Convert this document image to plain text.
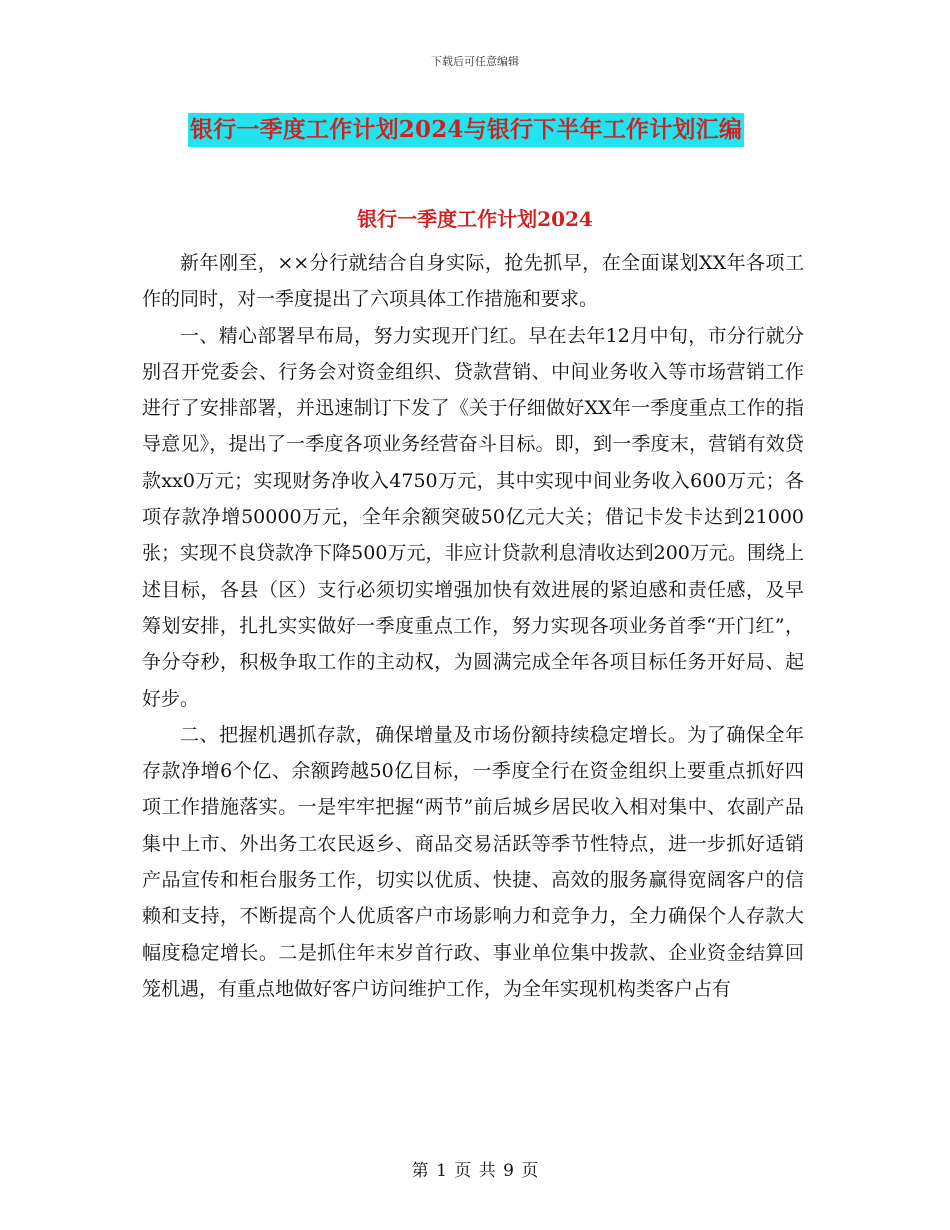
下载后可任意编辑
银行一季度工作计划2024与银行下半年工作计划汇编
银行一季度工作计划2024

新年刚至，××分行就结合自身实际，抢先抓早，在全面谋划XX年各项工作的同时，对一季度提出了六项具体工作措施和要求。

一、精心部署早布局，努力实现开门红。早在去年12月中旬，市分行就分别召开党委会、行务会对资金组织、贷款营销、中间业务收入等市场营销工作进行了安排部署，并迅速制订下发了《关于仔细做好XX年一季度重点工作的指导意见》，提出了一季度各项业务经营奋斗目标。即，到一季度末，营销有效贷款xx0万元；实现财务净收入4750万元，其中实现中间业务收入600万元；各项存款净增50000万元，全年余额突破50亿元大关；借记卡发卡达到21000张；实现不良贷款净下降500万元，非应计贷款利息清收达到200万元。围绕上述目标，各县（区）支行必须切实增强加快有效进展的紧迫感和责任感，及早筹划安排，扎扎实实做好一季度重点工作，努力实现各项业务首季“开门红”，争分夺秒，积极争取工作的主动权，为圆满完成全年各项目标任务开好局、起好步。

二、把握机遇抓存款，确保增量及市场份额持续稳定增长。为了确保全年存款净增6个亿、余额跨越50亿目标，一季度全行在资金组织上要重点抓好四项工作措施落实。一是牢牢把握“两节”前后城乡居民收入相对集中、农副产品集中上市、外出务工农民返乡、商品交易活跃等季节性特点，进一步抓好适销产品宣传和柜台服务工作，切实以优质、快捷、高效的服务赢得宽阔客户的信赖和支持，不断提高个人优质客户市场影响力和竞争力，全力确保个人存款大幅度稳定增长。二是抓住年末岁首行政、事业单位集中拨款、企业资金结算回笼机遇，有重点地做好客户访问维护工作，为全年实现机构类客户占有

第 1 页 共 9 页
